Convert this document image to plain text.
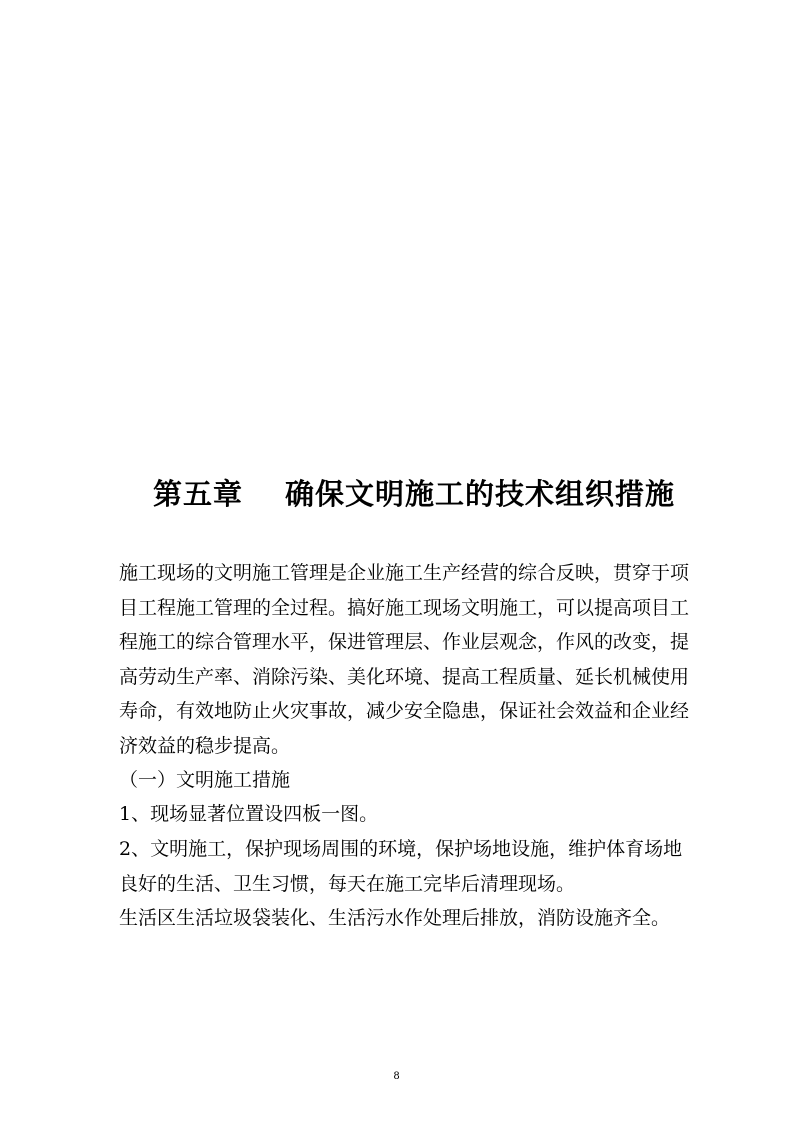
第五章 确保文明施工的技术组织措施
施工现场的文明施工管理是企业施工生产经营的综合反映，贯穿于项
目工程施工管理的全过程。搞好施工现场文明施工，可以提高项目工
程施工的综合管理水平，保进管理层、作业层观念，作风的改变，提
高劳动生产率、消除污染、美化环境、提高工程质量、延长机械使用
寿命，有效地防止火灾事故，减少安全隐患，保证社会效益和企业经
济效益的稳步提高。
（一）文明施工措施
1、现场显著位置设四板一图。
2、文明施工，保护现场周围的环境，保护场地设施，维护体育场地
良好的生活、卫生习惯，每天在施工完毕后清理现场。
生活区生活垃圾袋装化、生活污水作处理后排放，消防设施齐全。
8
